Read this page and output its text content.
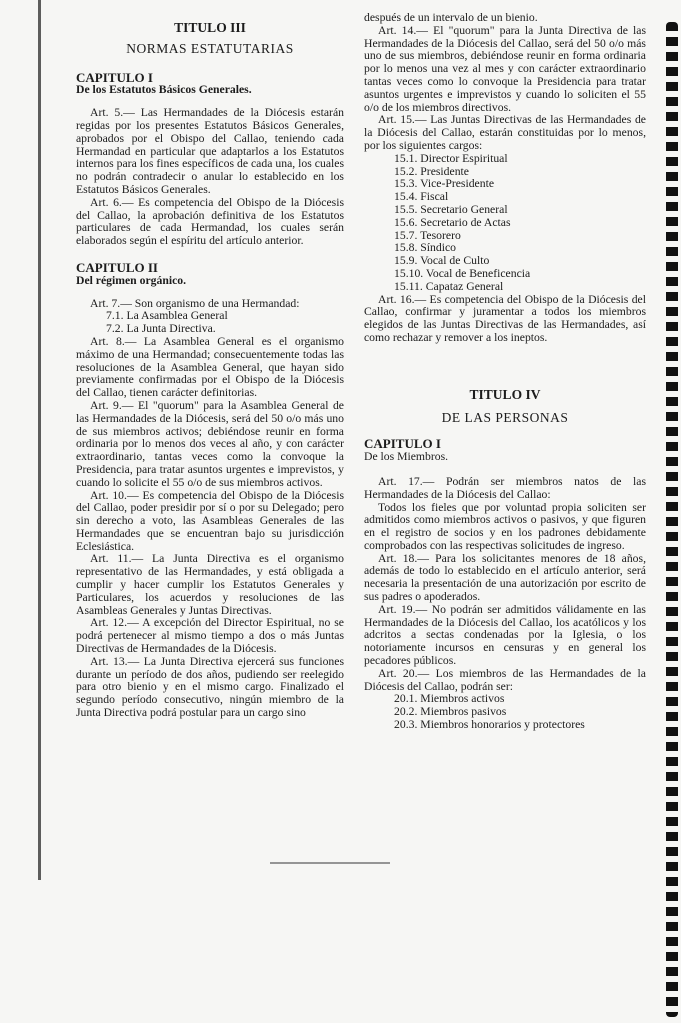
TITULO III

NORMAS ESTATUTARIAS

CAPITULO I

De los Estatutos Básicos Generales.

Art. 5.— Las Hermandades de la Diócesis estarán regidas por los presentes Estatutos Básicos Generales, aprobados por el Obispo del Callao, teniendo cada Hermandad en particular que adaptarlos a los Estatutos internos para los fines específicos de cada una, los cuales no podrán contradecir o anular lo establecido en los Estatutos Básicos Generales.

Art. 6.— Es competencia del Obispo de la Diócesis del Callao, la aprobación definitiva de los Estatutos particulares de cada Hermandad, los cuales serán elaborados según el espíritu del artículo anterior.

CAPITULO II

Del régimen orgánico.

Art. 7.— Son organismo de una Hermandad:

7.1. La Asamblea General

7.2. La Junta Directiva.

Art. 8.— La Asamblea General es el organismo máximo de una Hermandad; consecuentemente todas las resoluciones de la Asamblea General, que hayan sido previamente confirmadas por el Obispo de la Diócesis del Callao, tienen carácter definitorias.

Art. 9.— El "quorum" para la Asamblea General de las Hermandades de la Diócesis, será del 50 o/o más uno de sus miembros activos; debiéndose reunir en forma ordinaria por lo menos dos veces al año, y con carácter extraordinario, tantas veces como la convoque la Presidencia, para tratar asuntos urgentes e imprevistos, y cuando lo solicite el 55 o/o de sus miembros activos.

Art. 10.— Es competencia del Obispo de la Diócesis del Callao, poder presidir por sí o por su Delegado; pero sin derecho a voto, las Asambleas Generales de las Hermandades que se encuentran bajo su jurisdicción Eclesiástica.

Art. 11.— La Junta Directiva es el organismo representativo de las Hermandades, y está obligada a cumplir y hacer cumplir los Estatutos Generales y Particulares, los acuerdos y resoluciones de las Asambleas Generales y Juntas Directivas.

Art. 12.— A excepción del Director Espiritual, no se podrá pertenecer al mismo tiempo a dos o más Juntas Directivas de Hermandades de la Diócesis.

Art. 13.— La Junta Directiva ejercerá sus funciones durante un período de dos años, pudiendo ser reelegido para otro bienio y en el mismo cargo. Finalizado el segundo período consecutivo, ningún miembro de la Junta Directiva podrá postular para un cargo sino

después de un intervalo de un bienio.

Art. 14.— El "quorum" para la Junta Directiva de las Hermandades de la Diócesis del Callao, será del 50 o/o más uno de sus miembros, debiéndose reunir en forma ordinaria por lo menos una vez al mes y con carácter extraordinario tantas veces como lo convoque la Presidencia para tratar asuntos urgentes e imprevistos y cuando lo soliciten el 55 o/o de los miembros directivos.

Art. 15.— Las Juntas Directivas de las Hermandades de la Diócesis del Callao, estarán constituidas por lo menos, por los siguientes cargos:

15.1. Director Espiritual

15.2. Presidente

15.3. Vice-Presidente

15.4. Fiscal

15.5. Secretario General

15.6. Secretario de Actas

15.7. Tesorero

15.8. Síndico

15.9. Vocal de Culto

15.10. Vocal de Beneficencia

15.11. Capataz General

Art. 16.— Es competencia del Obispo de la Diócesis del Callao, confirmar y juramentar a todos los miembros elegidos de las Juntas Directivas de las Hermandades, así como rechazar y remover a los ineptos.

TITULO IV

DE LAS PERSONAS

CAPITULO I

De los Miembros.

Art. 17.— Podrán ser miembros natos de las Hermandades de la Diócesis del Callao:

Todos los fieles que por voluntad propia soliciten ser admitidos como miembros activos o pasivos, y que figuren en el registro de socios y en los padrones debidamente comprobados con las respectivas solicitudes de ingreso.

Art. 18.— Para los solicitantes menores de 18 años, además de todo lo establecido en el artículo anterior, será necesaria la presentación de una autorización por escrito de sus padres o apoderados.

Art. 19.— No podrán ser admitidos válidamente en las Hermandades de la Diócesis del Callao, los acatólicos y los adcritos a sectas condenadas por la Iglesia, o los notoriamente incursos en censuras y en general los pecadores públicos.

Art. 20.— Los miembros de las Hermandades de la Diócesis del Callao, podrán ser:

20.1. Miembros activos

20.2. Miembros pasivos

20.3. Miembros honorarios y protectores
